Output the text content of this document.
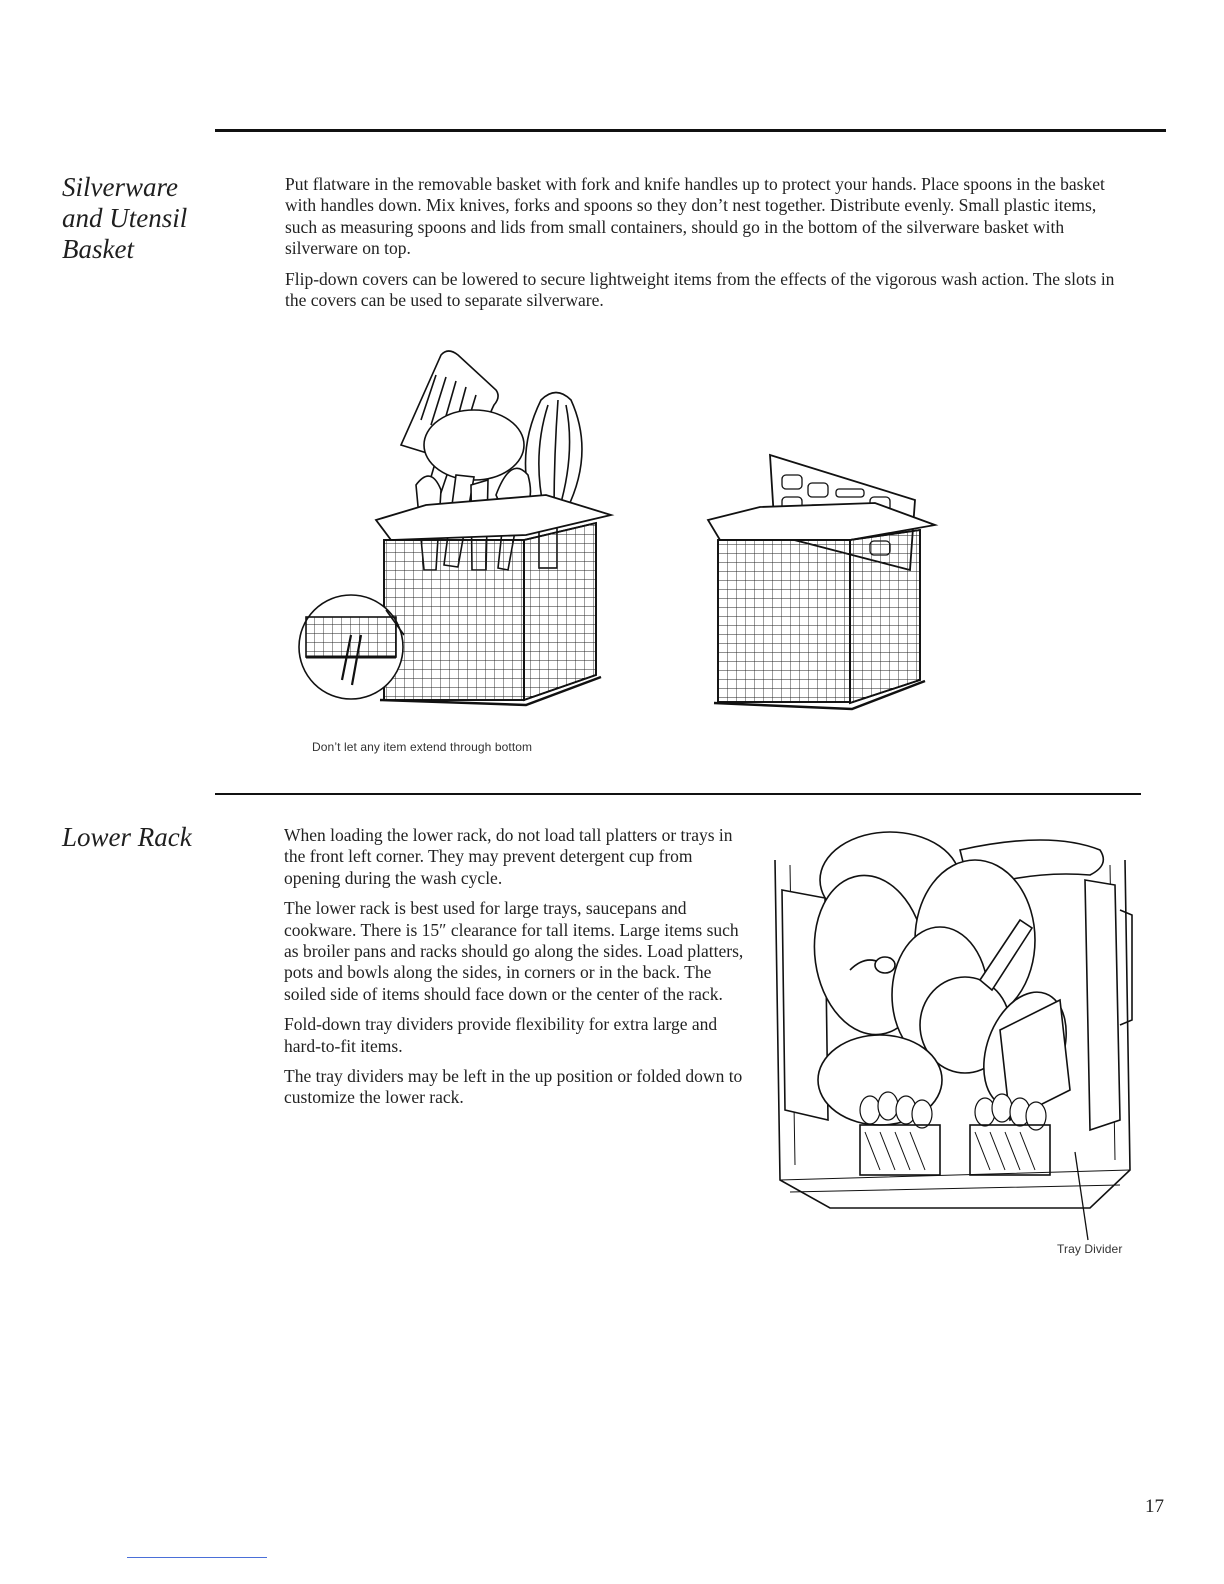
Silverware
and Utensil
Basket

Put flatware in the removable basket with fork and knife handles up to protect your hands. Place spoons in the basket with handles down. Mix knives, forks and spoons so they don’t nest together. Distribute evenly. Small plastic items, such as measuring spoons and lids from small containers, should go in the bottom of the silverware basket with silverware on top.

Flip-down covers can be lowered to secure lightweight items from the effects of the vigorous wash action. The slots in the covers can be used to separate silverware.

Don’t let any item extend through bottom
Lower Rack	When loading the lower rack, do not load tall platters or trays in the front left corner. They may prevent detergent cup from opening during the wash cycle.

The lower rack is best used for large trays, saucepans and cookware. There is 15″ clearance for tall items. Large items such as broiler pans and racks should go along the sides. Load platters, pots and bowls along the sides, in corners or in the back. The soiled side of items should face down or the center of the rack.

Fold-down tray dividers provide flexibility for extra large and hard-to-fit items.

The tray dividers may be left in the up position or folded down to customize the lower rack.

Tray Divider
17
